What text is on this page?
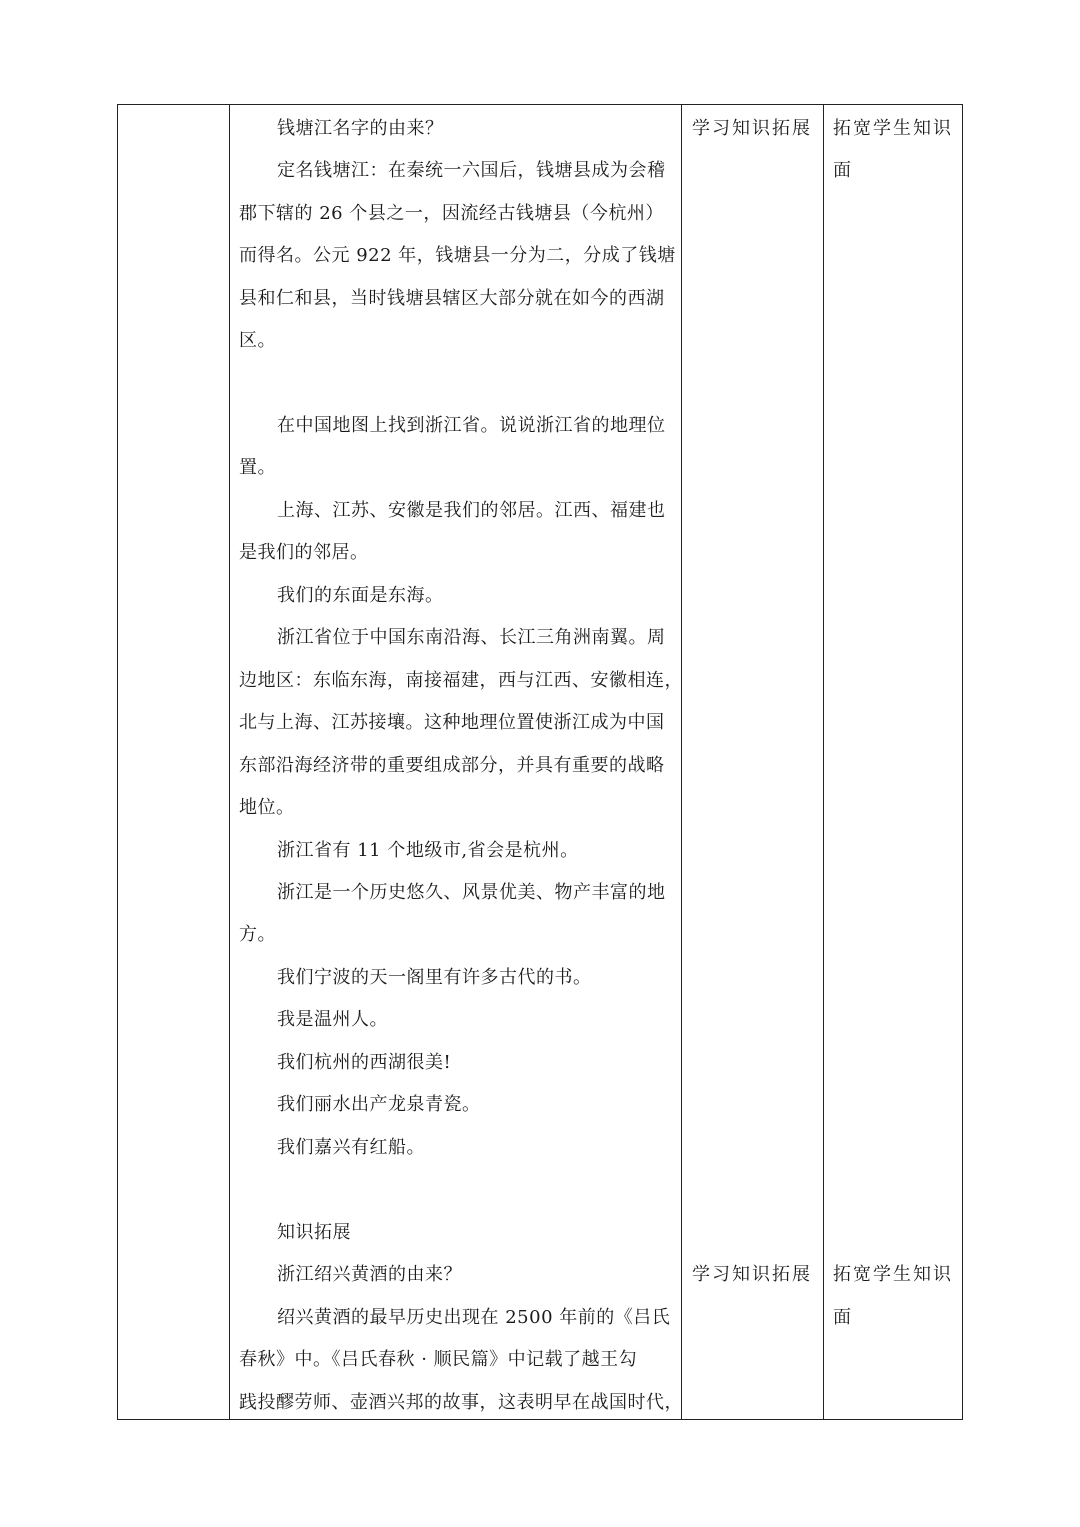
钱塘江名字的由来？
定名钱塘江：在秦统一六国后，钱塘县成为会稽
郡下辖的 26 个县之一，因流经古钱塘县（今杭州）
而得名。公元 922 年，钱塘县一分为二，分成了钱塘
县和仁和县，当时钱塘县辖区大部分就在如今的西湖
区。
在中国地图上找到浙江省。说说浙江省的地理位
置。
上海、江苏、安徽是我们的邻居。江西、福建也
是我们的邻居。
我们的东面是东海。
浙江省位于中国东南沿海、长江三角洲南翼。周
边地区：东临东海，南接福建，西与江西、安徽相连，
北与上海、江苏接壤。这种地理位置使浙江成为中国
东部沿海经济带的重要组成部分，并具有重要的战略
地位。
浙江省有 11 个地级市,省会是杭州。
浙江是一个历史悠久、风景优美、物产丰富的地
方。
我们宁波的天一阁里有许多古代的书。
我是温州人。
我们杭州的西湖很美!
我们丽水出产龙泉青瓷。
我们嘉兴有红船。
知识拓展
浙江绍兴黄酒的由来？
绍兴黄酒的最早历史出现在 2500 年前的《吕氏
春秋》中。《吕氏春秋 · 顺民篇》中记载了越王勾
践投醪劳师、壶酒兴邦的故事，这表明早在战国时代，
学习知识拓展
学习知识拓展
拓宽学生知识
面
拓宽学生知识
面
